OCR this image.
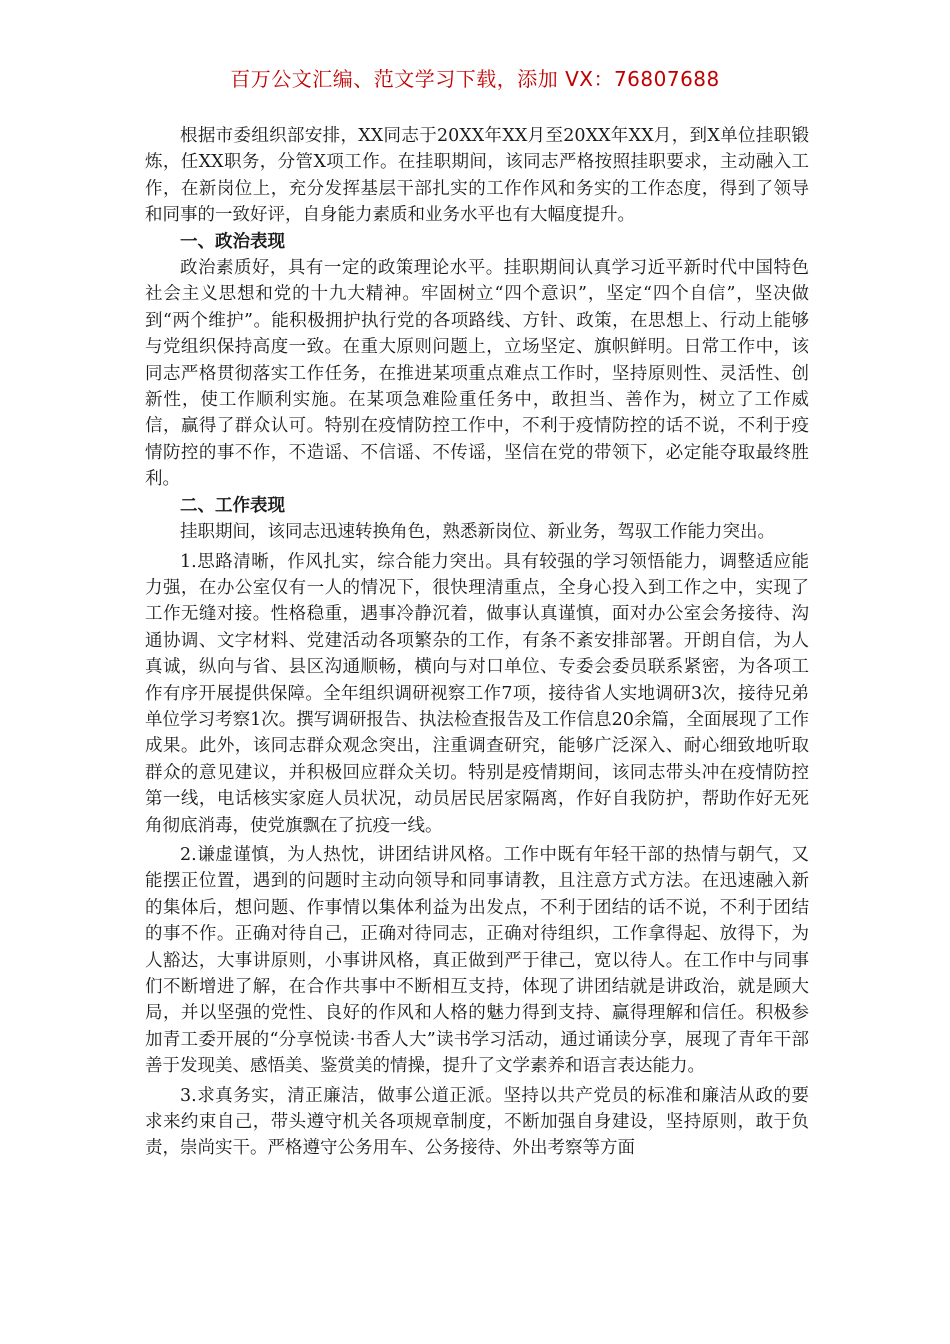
百万公文汇编、范文学习下载，添加 VX：76807688

根据市委组织部安排，XX同志于20XX年XX月至20XX年XX月，到X单位挂职锻炼，任XX职务，分管X项工作。在挂职期间，该同志严格按照挂职要求，主动融入工作，在新岗位上，充分发挥基层干部扎实的工作作风和务实的工作态度，得到了领导和同事的一致好评，自身能力素质和业务水平也有大幅度提升。

一、政治表现

政治素质好，具有一定的政策理论水平。挂职期间认真学习近平新时代中国特色社会主义思想和党的十九大精神。牢固树立“四个意识”，坚定“四个自信”，坚决做到“两个维护”。能积极拥护执行党的各项路线、方针、政策，在思想上、行动上能够与党组织保持高度一致。在重大原则问题上，立场坚定、旗帜鲜明。日常工作中，该同志严格贯彻落实工作任务，在推进某项重点难点工作时，坚持原则性、灵活性、创新性，使工作顺利实施。在某项急难险重任务中，敢担当、善作为，树立了工作威信，赢得了群众认可。特别在疫情防控工作中，不利于疫情防控的话不说，不利于疫情防控的事不作，不造谣、不信谣、不传谣，坚信在党的带领下，必定能夺取最终胜利。

二、工作表现

挂职期间，该同志迅速转换角色，熟悉新岗位、新业务，驾驭工作能力突出。

1.思路清晰，作风扎实，综合能力突出。具有较强的学习领悟能力，调整适应能力强，在办公室仅有一人的情况下，很快理清重点，全身心投入到工作之中，实现了工作无缝对接。性格稳重，遇事冷静沉着，做事认真谨慎，面对办公室会务接待、沟通协调、文字材料、党建活动各项繁杂的工作，有条不紊安排部署。开朗自信，为人真诚，纵向与省、县区沟通顺畅，横向与对口单位、专委会委员联系紧密，为各项工作有序开展提供保障。全年组织调研视察工作7项，接待省人实地调研3次，接待兄弟单位学习考察1次。撰写调研报告、执法检查报告及工作信息20余篇，全面展现了工作成果。此外，该同志群众观念突出，注重调查研究，能够广泛深入、耐心细致地听取群众的意见建议，并积极回应群众关切。特别是疫情期间，该同志带头冲在疫情防控第一线，电话核实家庭人员状况，动员居民居家隔离，作好自我防护，帮助作好无死角彻底消毒，使党旗飘在了抗疫一线。

2.谦虚谨慎，为人热忱，讲团结讲风格。工作中既有年轻干部的热情与朝气，又能摆正位置，遇到的问题时主动向领导和同事请教，且注意方式方法。在迅速融入新的集体后，想问题、作事情以集体利益为出发点，不利于团结的话不说，不利于团结的事不作。正确对待自己，正确对待同志，正确对待组织，工作拿得起、放得下，为人豁达，大事讲原则，小事讲风格，真正做到严于律己，宽以待人。在工作中与同事们不断增进了解，在合作共事中不断相互支持，体现了讲团结就是讲政治，就是顾大局，并以坚强的党性、良好的作风和人格的魅力得到支持、赢得理解和信任。积极参加青工委开展的“分享悦读·书香人大”读书学习活动，通过诵读分享，展现了青年干部善于发现美、感悟美、鉴赏美的情操，提升了文学素养和语言表达能力。

3.求真务实，清正廉洁，做事公道正派。坚持以共产党员的标准和廉洁从政的要求来约束自己，带头遵守机关各项规章制度，不断加强自身建设，坚持原则，敢于负责，崇尚实干。严格遵守公务用车、公务接待、外出考察等方面
